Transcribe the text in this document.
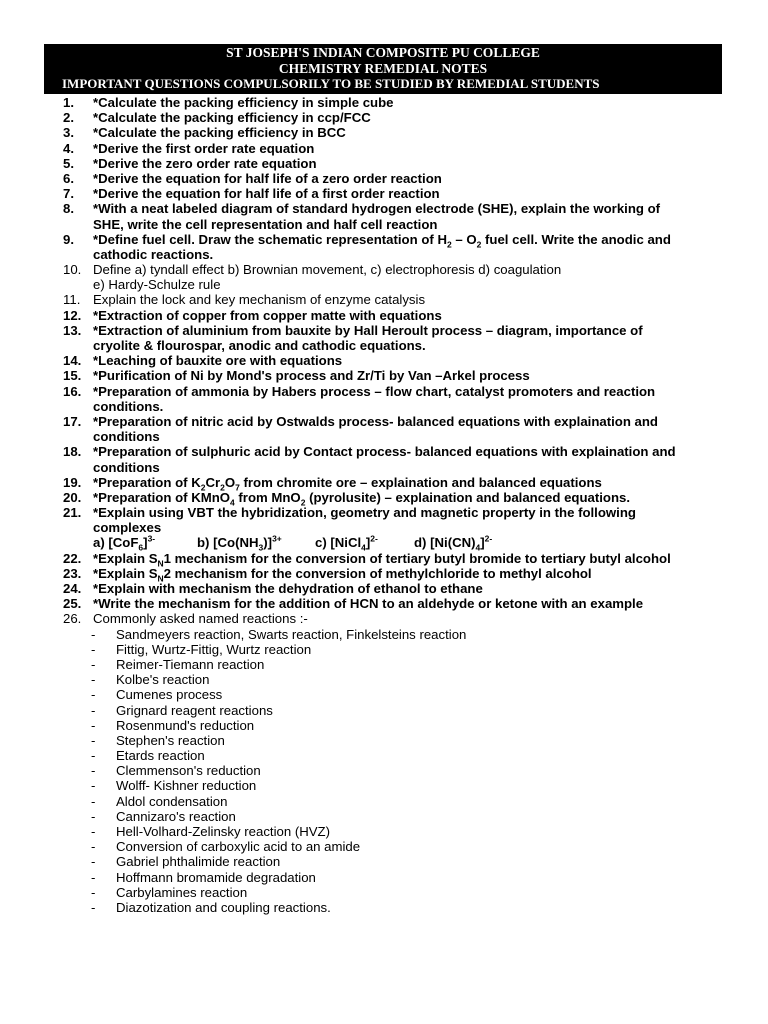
ST JOSEPH'S INDIAN COMPOSITE PU COLLEGE
CHEMISTRY REMEDIAL NOTES
IMPORTANT QUESTIONS COMPULSORILY TO BE STUDIED BY REMEDIAL STUDENTS
1.	*Calculate the packing efficiency in simple cube
2.	*Calculate the packing efficiency in ccp/FCC
3.	*Calculate the packing efficiency in BCC
4.	*Derive the first order rate equation
5.	*Derive the zero order rate equation
6.	*Derive the equation for half life of a zero order reaction
7.	*Derive the equation for half life of a first order reaction
8.	*With a neat labeled diagram of standard hydrogen electrode (SHE), explain the working of
SHE, write the cell representation and half cell reaction
9.	*Define fuel cell. Draw the schematic representation of $H_2 - O_2$ fuel cell. Write the anodic and
cathodic reactions.
10. Define a) tyndall effect b) Brownian movement, c) electrophoresis d) coagulation
e) Hardy-Schulze rule
11. Explain the lock and key mechanism of enzyme catalysis
12. *Extraction of copper from copper matte with equations
13. *Extraction of aluminium from bauxite by Hall Heroult process – diagram, importance of
cryolite & flourospar, anodic and cathodic equations.
14. *Leaching of bauxite ore with equations
15. *Purification of Ni by Mond's process and Zr/Ti by Van –Arkel process
16. *Preparation of ammonia by Habers process – flow chart, catalyst promoters and reaction
conditions.
17. *Preparation of nitric acid by Ostwalds process- balanced equations with explaination and
conditions
18. *Preparation of sulphuric acid by Contact process- balanced equations with explaination and
conditions
19. *Preparation of $K_2Cr_2O_7$ from chromite ore – explaination and balanced equations
20. *Preparation of KMnO$_4$ from MnO$_2$ (pyrolusite) – explaination and balanced equations.
21. *Explain using VBT the hybridization, geometry and magnetic property in the following
complexes
a) $[CoF_6]^{3-}$	b) $[Co(NH_3)]^{3+}$	c) [NiCl$_4$]$^{2-}$	d) $[Ni(CN)_4]^{2-}$
22. *Explain $S_N1$ mechanism for the conversion of tertiary butyl bromide to tertiary butyl alcohol
23. *Explain $S_N2$ mechanism for the conversion of methylchloride to methyl alcohol
24. *Explain with mechanism the dehydration of ethanol to ethane
25. *Write the mechanism for the addition of HCN to an aldehyde or ketone with an example
26. Commonly asked named reactions :-
-	Sandmeyers reaction, Swarts reaction, Finkelsteins reaction
-	Fittig, Wurtz-Fittig, Wurtz reaction
-	Reimer-Tiemann reaction
-	Kolbe's reaction
-	Cumenes process
-	Grignard reagent reactions
-	Rosenmund's reduction
-	Stephen's reaction
-	Etards reaction
-	Clemmenson's reduction
-	Wolff- Kishner reduction
-	Aldol condensation
-	Cannizaro's reaction
-	Hell-Volhard-Zelinsky reaction (HVZ)
-	Conversion of carboxylic acid to an amide
-	Gabriel phthalimide reaction
-	Hoffmann bromamide degradation
-	Carbylamines reaction
-	Diazotization and coupling reactions.
